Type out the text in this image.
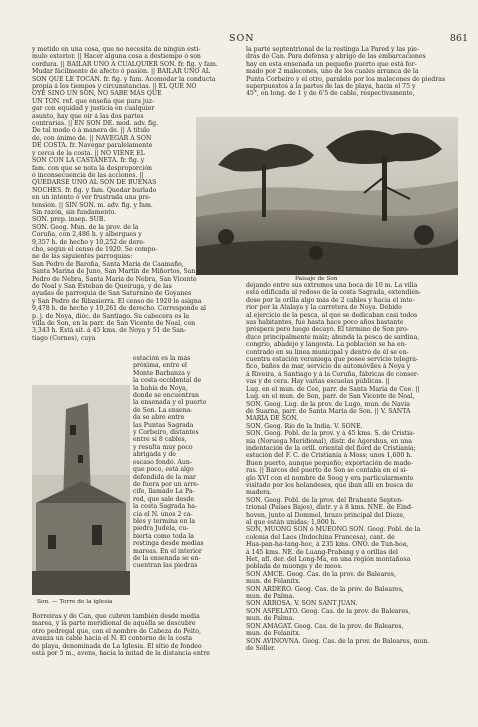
SON	861
y metido en una cosa, que no necesita de ningún esti-
mulo exterior. || Hacer alguna cosa a destiempo ó son
cordura. || BAILAR UNO Á CUALQUIER SON. fr. fig. y fam.
Mudar fácilmente de afecto ó pasión. || BAILAR UNO AL
SON QUE LE TOCAN. fr. fig. y fam. Acomodar la conducta
propia á los tiempos y circunstancias. || EL QUE NO
OYE SINO UN SON, NO SABE MÁS QUE
UN TON. ref. que enseña que para juz-
gar con equidad y justicia en cualquier
asunto, hay que oír á las dos partes
contrarias. || EN SON DE. mod. adv. fig.
De tal modo ó á manera de. || Á título
de, con ánimo de. || NAVEGAR Á SON
DE COSTA. fr. Navegar paralelamente
y cerca de la costa. || NO VIENE EL
SON CON LA CASTAÑETA. fr. fig. y
fam. con que se nota la desproporción
ó inconsecuencia de las acciones. ||
QUEDARSE UNO AL SON DE BUENAS
NOCHES. fr. fig. y fam. Quedar burlado
en un intento ó ver frustrada una pre-
tensión. || SIN SON. m. adv. fig. y fam.
Sin razón, sin fundamento.
SON. prep. insep. SUB.
SON. Geog. Mun. de la prov. de la
Coruña, con 2,486 h. y albergues y
9,357 h. de hecho y 10,252 de dere-
cho, según el censo de 1920. Se compo-
ne de las siguientes parroquias:
San Pedro de Baroña, Santa María de Caamaño,
Santa Marina de Juno, San Martín de Miñortos, San
Pedro de Nebra, Santa María de Nebra, San Vicente
de Noal y San Esteban de Queiruga, y de las
ayudas de parroquia de San Saturnino de Goyanes
y San Pedro de Ribasierra. El censo de 1920 le asigna
9,478 h. de hecho y 10,261 de derecho. Corresponde al
p. j. de Noya, dióc. de Santiago. Su cabecera es la
villa de Son, en la parr. de San Vicente de Noal, con
3,343 h. Está sit. á 45 kms. de Noya y 51 de San-
tiago (Cornes), cuya
la parte septentrional de la restinga La Pared y las pie-
dras do Can. Para defensa y abrigo de las embarcaciones
hay en esta ensenada un pequeño puerto que está for-
mado por 2 malecones, uno de los cuales arranca de la
Punta Corbeiro y el otro, paralelo por los malecones de piedras
superpuestos á la partes de las de playa, hacia el 75 y
45°, en long. de 1 y de 6'5 de cable, respectivamente,
Paisaje de Son
dejando entre sus extremos una boca de 10 m. La villa
está edificada al redoso de la costa Sagrada, extendién-
dose por la orilla algo más de 2 cables y hacia el inte-
rior por la Atalaya y la carretera de Noya. Debido
al ejercicio de la pesca, al que se dedicaban casi todos
sus habitantes, fué hasta hace poco años bastante
próspera pero luego decayó. El término de Son pro-
duce principalmente maíz; abunda la pesca de sardina,
congrio, abadejo y langosta. La población se ha en-
contrado en su línea municipal y dentro de él se en-
cuentra estación veraniega que posee servicio telegrá-
fico, baños de mar, servicio de automóviles á Noya y
á Riveira, á Santiago y á la Coruña, fábricas de conser-
vas y de cera. Hay varias escuelas públicas. ||
Lug. en el mun. de Cee, parr. de Santa María de Cee. ||
Lug. en el mun. de Son, parr. de San Vicente de Noal,
SON. Geog. Lug. de la prov. de Lugo, mun. de Navia
de Suarna, parr. de Santa María de Son. || V. SANTA
MARÍA DE SON.
SON. Geog. Río de la India. V. SONE.
SON. Geog. Pobl. de la prov. y á 45 kms. S. de Cristia-
nía (Noruega Meridional), distr. de Agershus, en una
indentación de la orill. oriental del fiord de Cristianía;
estación del F. C. de Cristianía á Moss; unos 1,600 h.
Buen puerto, aunque pequeño; exportación de made-
ras. || Barcos del puerto de Son se contaba en el si-
glo XVI con el nombre de Soog y era particularmente
visitado por los holandeses, que iban allí en busca de
madera.
SON. Geog. Pobl. de la prov. del Brabante Septen-
trional (Países Bajos), distr. y á 8 kms. NNE. de Eind-
hoven, junto al Dommel, brazo principal del Dieze,
al que están unidas; 1,800 h.
SON, MUONG SON ó MUEONG SON. Geog. Pobl. de la
colonia del Laos (Indochina Francesa), cant. de
Hua-pan-ha-tang-hoc, á 235 kms. ONO. de Tun-hoa,
á 145 kms. NE. de Luang-Prabang y á orillas del
Het, afl. der. del Long-Ma, en una región montañosa
poblada de muongs y de meos.
SON AMCE. Geog. Cas. de la prov. de Baleares,
mun. de Felanitx.
SON ARDERO. Geog. Cas. de la prov. de Baleares,
mun. de Palma.
SON ARROSA. V. SON SANT JUAN.
SON ASPELATO. Geog. Cas. de la prov. de Baleares,
mun. de Palma.
SON AMAGAT. Geog. Cas. de la prov. de Baleares,
mun. de Felanitx.
SON AVINOVNA. Geog. Cas. de la prov. de Baleares, mun.
de Sóller.
Son. — Torre de la iglesia
estación es la más
próxima, entre el
Monte Barbanza y
la costa occidental de
la bahía de Noya,
donde se encuentran
la ensenada y el puerto
de Son. La ensena-
da se abre entre
las Puntas Sagrada
y Corbeiro, distantes
entre sí 8 cables,
y resulta muy poco
abrigada y de
escaso fondo. Aun-
que poco, está algo
defendida de la mar
de fuera por un arre-
cife, llamado La Pa-
red, que sale desde
la costa Sagrada ha-
cia el N. unos 2 ca-
bles y termina en la
piedra Judela, cu-
bierta como toda la
restinga desde medias
mareas. En el interior
de la ensenada se en-
cuentran las piedras
Borreiras y do Can, que cubren también desde media
marea, y la parte meridional de aquélla se descubre
otro pedregal que, con el nombre de Cabeza do Peito,
avanza un cable hacia el N. El contorno de la costa
de playa, denominada de La Iglesia. El sitio de fondeo
está por 5 m., avens, hacia la mitad de la distancia entre
